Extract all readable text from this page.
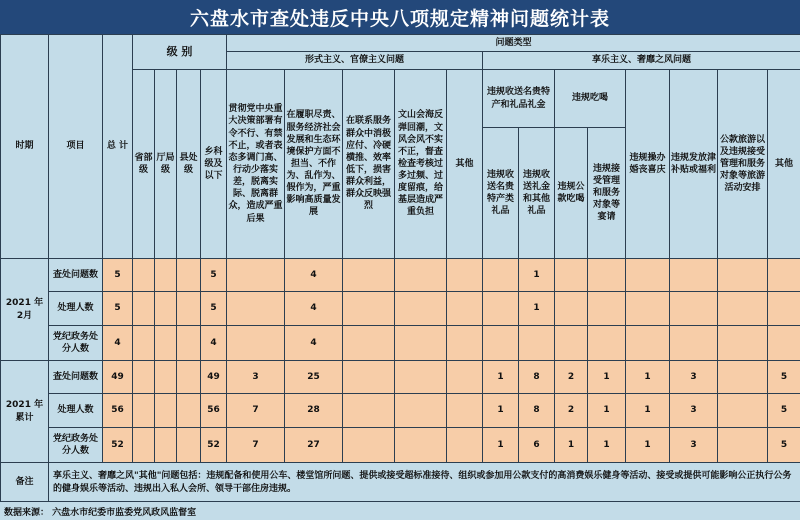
六盘水市查处违反中央八项规定精神问题统计表
时期	项目	总 计	级 别				问题类型												
							形式主义、官僚主义问题					享乐主义、奢靡之风问题							
			省部级	厅局级	县处级	乡科级及以下	贯彻党中央重大决策部署有令不行、有禁不止，或者表态多调门高、行动少落实差，脱离实际、脱离群众，造成严重后果	在履职尽责、服务经济社会发展和生态环境保护方面不担当、不作为、乱作为、假作为，严重影响高质量发展	在联系服务群众中消极应付、冷硬横推、效率低下，损害群众利益，群众反映强烈	文山会海反弹回潮，文风会风不实不正，督查检查考核过多过频、过度留痕，给基层造成严重负担	其他	违规收送名贵特产和礼品礼金		违规吃喝		违规操办婚丧喜庆	违规发放津补贴或福利	公款旅游以及违规接受管理和服务对象等旅游活动安排	其他
												违规收送名贵特产类礼品	违规收送礼金和其他礼品	违规公款吃喝	违规接受管理和服务对象等宴请				
2021 年 2月	查处问题数	5				5		4					1						
	处理人数	5				5		4					1						
	党纪政务处分人数	4				4		4											
2021 年 累计	查处问题数	49				49	3	25				1	8	2	1	1	3		5
	处理人数	56				56	7	28				1	8	2	1	1	3		5
	党纪政务处分人数	52				52	7	27				1	6	1	1	1	3		5
备注	享乐主义、奢靡之风"其他"问题包括：违规配备和使用公车、楼堂馆所问题、提供或接受超标准接待、组织或参加用公款支付的高消费娱乐健身等活动、接受或提供可能影响公正执行公务的健身娱乐等活动、违规出入私人会所、领导干部住房违规。																		
数据来源： 六盘水市纪委市监委党风政风监督室
